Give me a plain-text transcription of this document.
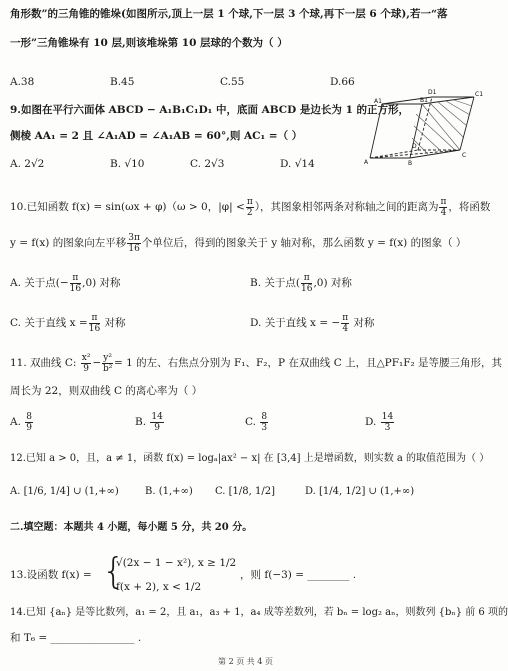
角形数”的三角锥的锥垛(如图所示,顶上一层 1 个球,下一层 3 个球,再下一层 6 个球),若一“落
一形”三角锥垛有 10 层,则该堆垛第 10 层球的个数为（ ）
A.38	B.45	C.55	D.66
9.如图在平行六面体 ABCD − A₁B₁C₁D₁ 中，底面 ABCD 是边长为 1 的正方形，
侧棱 AA₁ = 2 且 ∠A₁AD = ∠A₁AB = 60°,则 AC₁ =（ ）
A. 2√2	B. √10	C. 2√3	D. √14
A1	B1
C1
D1
A	B
C
D
10.已知函数 f(x) = sin(ωx + φ)（ω > 0，$|\varphi| < \frac{\pi}{2}$ ），其图象相邻两条对称轴之间的距离为 $\frac{\pi}{4}$ ，将函数
y = f(x) 的图象向左平移 $\frac{3\pi}{16}$ 个单位后，得到的图象关于 y 轴对称，那么函数 y = f(x) 的图象（ ）
A. 关于点(− $\frac{\pi}{16} ,0$) 对称	B. 关于点( $\frac{\pi}{16} ,0$) 对称
C. 关于直线 $x = \frac{\pi}{16}$ 对称	D. 关于直线 x = − $\frac{\pi}{4}$ 对称
11. 双曲线 C: $\frac{\text{x²}}{9} - \frac{\text{y²}}{\text{b²}} = 1$ 的左、右焦点分别为 F₁、F₂，P 在双曲线 C 上，且△PF₁F₂ 是等腰三角形，其
周长为 22，则双曲线 C 的离心率为（ ）
A. $\frac{8}{9}$	B. $\frac{14}{9}$	C. $\frac{8}{3}$	D. $\frac{14}{3}$
12.已知 a > 0，且，a ≠ 1，函数 f(x) = logₐ|ax² − x| 在 [3,4] 上是增函数，则实数 a 的取值范围为（ ）
A. [1/6, 1/4] ∪ (1,+∞)	B. (1,+∞) C. [1/8, 1/2]	D. [1/4, 1/2] ∪ (1,+∞)
二.填空题：本题共 4 小题，每小题 5 分，共 20 分。
13.设函数 f(x) = {
√(2x − 1 − x²), x ≥ 1/2
f(x + 2), x < 1/2
，则 f(−3) = ________ .
14.已知 {aₙ} 是等比数列，a₁ = 2，且 a₁，a₃ + 1，a₄ 成等差数列，若 bₙ = log₂ aₙ，则数列 {bₙ} 前 6 项的
和 T₆ = ________________ .
第 2 页 共 4 页
